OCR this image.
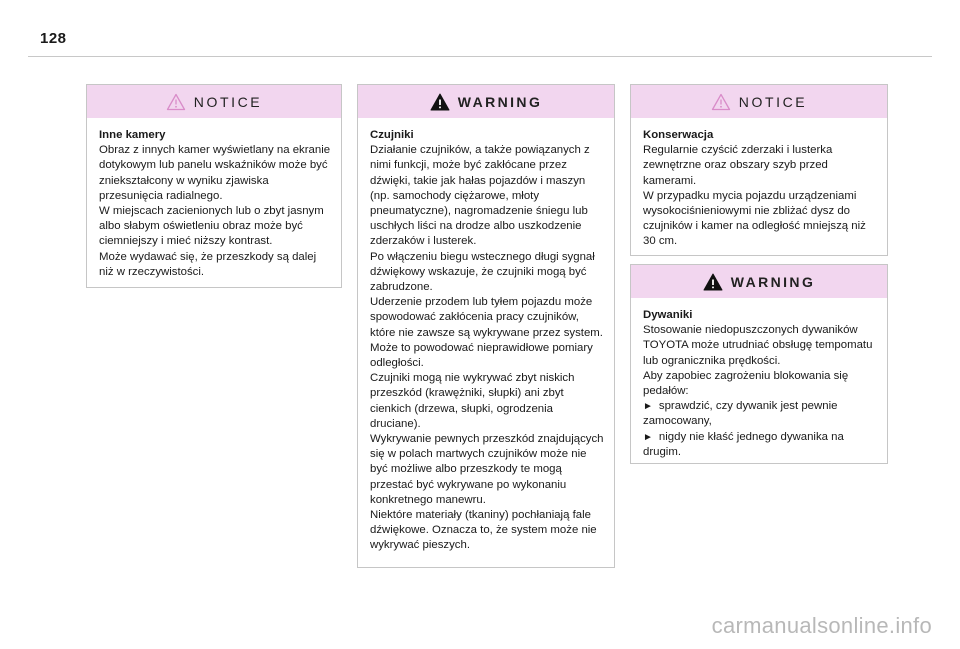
128
NOTICE
Inne kamery
Obraz z innych kamer wyświetlany na ekranie dotykowym lub panelu wskaźników może być zniekształcony w wyniku zjawiska przesunięcia radialnego.
W miejscach zacienionych lub o zbyt jasnym albo słabym oświetleniu obraz może być ciemniejszy i mieć niższy kontrast.
Może wydawać się, że przeszkody są dalej niż w rzeczywistości.
WARNING
Czujniki
Działanie czujników, a także powiązanych z nimi funkcji, może być zakłócane przez dźwięki, takie jak hałas pojazdów i maszyn (np. samochody ciężarowe, młoty pneumatyczne), nagromadzenie śniegu lub uschłych liści na drodze albo uszkodzenie zderzaków i lusterek.
Po włączeniu biegu wstecznego długi sygnał dźwiękowy wskazuje, że czujniki mogą być zabrudzone.
Uderzenie przodem lub tyłem pojazdu może spowodować zakłócenia pracy czujników, które nie zawsze są wykrywane przez system. Może to powodować nieprawidłowe pomiary odległości.
Czujniki mogą nie wykrywać zbyt niskich przeszkód (krawężniki, słupki) ani zbyt cienkich (drzewa, słupki, ogrodzenia druciane).
Wykrywanie pewnych przeszkód znajdujących się w polach martwych czujników może nie być możliwe albo przeszkody te mogą przestać być wykrywane po wykonaniu konkretnego manewru.
Niektóre materiały (tkaniny) pochłaniają fale dźwiękowe. Oznacza to, że system może nie wykrywać pieszych.
NOTICE
Konserwacja
Regularnie czyścić zderzaki i lusterka zewnętrzne oraz obszary szyb przed kamerami.
W przypadku mycia pojazdu urządzeniami wysokociśnieniowymi nie zbliżać dysz do czujników i kamer na odległość mniejszą niż 30 cm.
WARNING
Dywaniki
Stosowanie niedopuszczonych dywaników TOYOTA może utrudniać obsługę tempomatu lub ogranicznika prędkości.
Aby zapobiec zagrożeniu blokowania się pedałów:
► sprawdzić, czy dywanik jest pewnie zamocowany,
► nigdy nie kłaść jednego dywanika na drugim.
carmanualsonline.info
